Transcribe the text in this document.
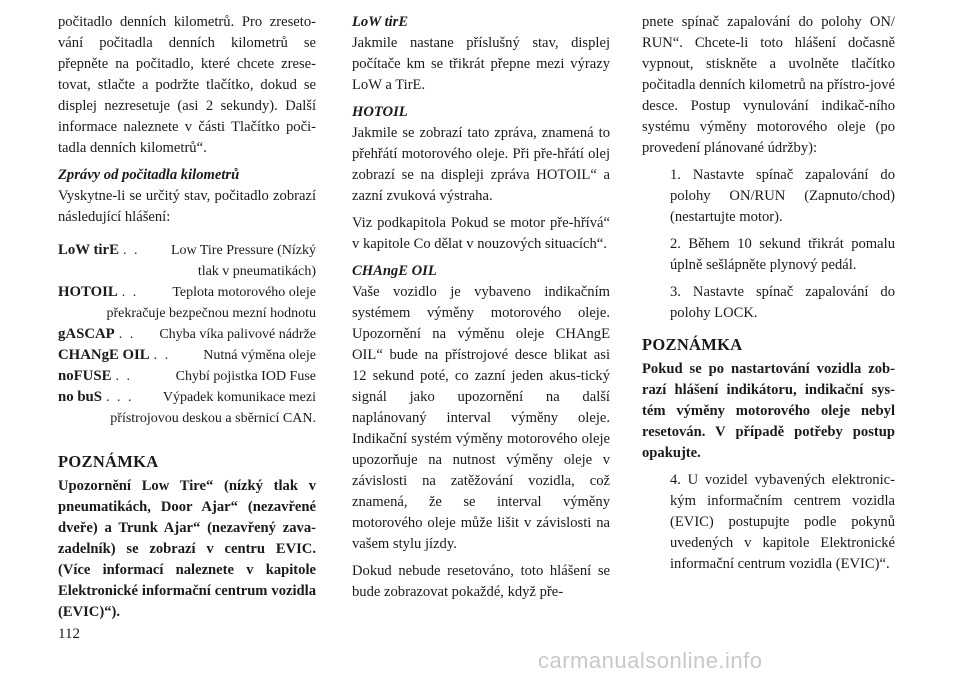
počitadlo denních kilometrů. Pro zreseto-vání počitadla denních kilometrů se přepněte na počitadlo, které chcete zrese-tovat, stlačte a podržte tlačítko, dokud se displej nezresetuje (asi 2 sekundy). Další informace naleznete v části Tlačítko poči-tadla denních kilometrů“.

Zprávy od počitadla kilometrů

Vyskytne-li se určitý stav, počitadlo zobrazí následující hlášení:

LoW tirE . .	Low Tire Pressure (Nízký
tlak v pneumatikách)
HOTOIL . .	Teplota motorového oleje
překračuje bezpečnou mezní hodnotu
gASCAP . .	Chyba víka palivové nádrže
CHANgE OIL . .	Nutná výměna oleje
noFUSE . .	Chybí pojistka IOD Fuse
no buS . . .	Výpadek komunikace mezi
přístrojovou deskou a sběrnicí CAN.
POZNÁMKA

Upozornění Low Tire“ (nízký tlak v pneumatikách, Door Ajar“ (nezavřené dveře) a Trunk Ajar“ (nezavřený zava-zadelník) se zobrazí v centru EVIC. (Více informací naleznete v kapitole Elektronické informační centrum vozidla (EVIC)“).

LoW tirE

Jakmile nastane příslušný stav, displej počítače km se třikrát přepne mezi výrazy LoW a TirE.

HOTOIL

Jakmile se zobrazí tato zpráva, znamená to přehřátí motorového oleje. Při pře-hřátí olej zobrazí se na displeji zpráva HOTOIL“ a zazní zvuková výstraha.

Viz podkapitola Pokud se motor pře-hřívá“ v kapitole Co dělat v nouzových situacích“.

CHAngE OIL

Vaše vozidlo je vybaveno indikačním systémem výměny motorového oleje. Upozornění na výměnu oleje CHAngE OIL“ bude na přístrojové desce blikat asi 12 sekund poté, co zazní jeden akus-tický signál jako upozornění na další naplánovaný interval výměny oleje. Indikační systém výměny motorového oleje upozorňuje na nutnost výměny oleje v závislosti na zatěžování vozidla, což znamená, že se interval výměny motorového oleje může lišit v závislosti na vašem stylu jízdy.

Dokud nebude resetováno, toto hlášení se bude zobrazovat pokaždé, když pře-

pnete spínač zapalování do polohy ON/ RUN“. Chcete-li toto hlášení dočasně vypnout, stiskněte a uvolněte tlačítko počitadla denních kilometrů na přístro-jové desce. Postup vynulování indikač-ního systému výměny motorového oleje (po provedení plánované údržby):

1. Nastavte spínač zapalování do polohy ON/RUN (Zapnuto/chod) (nestartujte motor).

2. Během 10 sekund třikrát pomalu úplně sešlápněte plynový pedál.

3. Nastavte spínač zapalování do polohy LOCK.

POZNÁMKA

Pokud se po nastartování vozidla zob-razí hlášení indikátoru, indikační sys-tém výměny motorového oleje nebyl resetován. V případě potřeby postup opakujte.

4. U vozidel vybavených elektronic-kým informačním centrem vozidla (EVIC) postupujte podle pokynů uvedených v kapitole Elektronické informační centrum vozidla (EVIC)“.

112
carmanualsonline.info
